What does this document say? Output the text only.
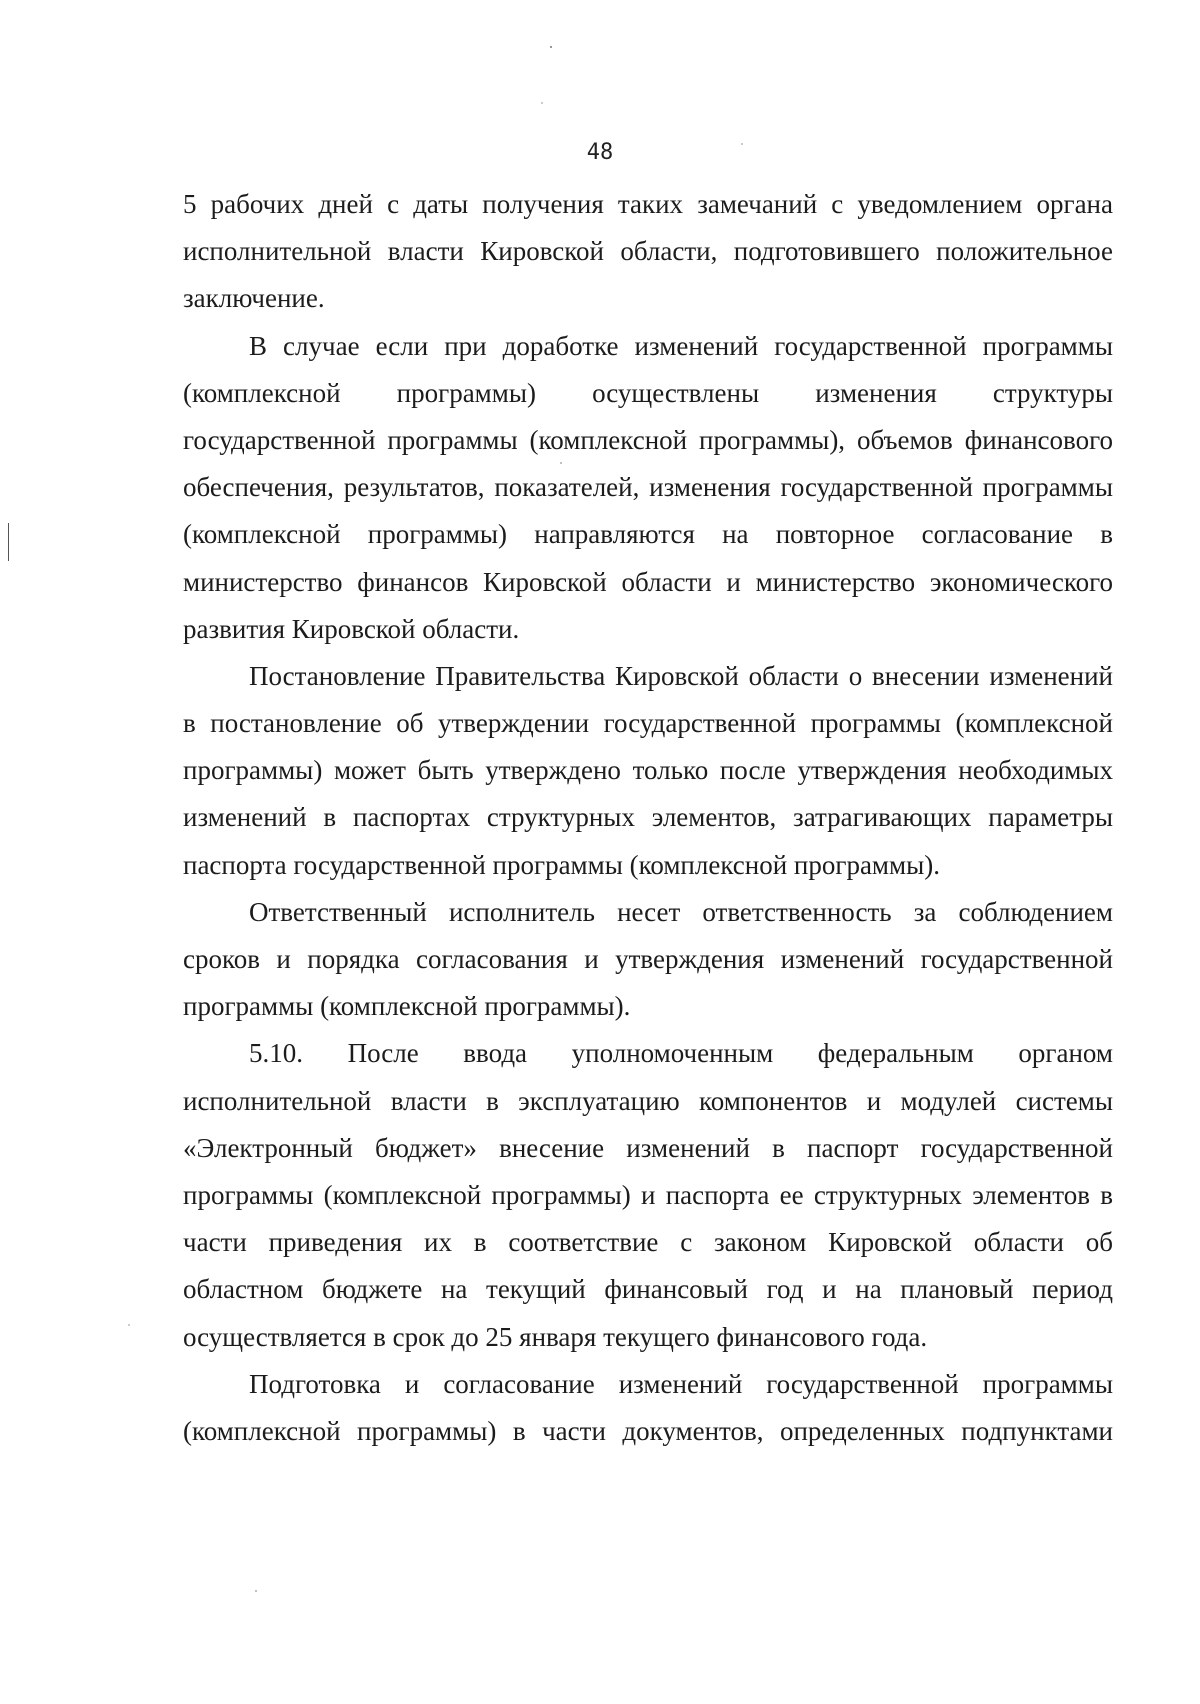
48
5 рабочих дней с даты получения таких замечаний с уведомлением органа
исполнительной власти Кировской области, подготовившего положительное
заключение.
В случае если при доработке изменений государственной программы
(комплексной программы) осуществлены изменения структуры
государственной программы (комплексной программы), объемов финансового
обеспечения, результатов, показателей, изменения государственной программы
(комплексной программы) направляются на повторное согласование в
министерство финансов Кировской области и министерство экономического
развития Кировской области.
Постановление Правительства Кировской области о внесении изменений
в постановление об утверждении государственной программы (комплексной
программы) может быть утверждено только после утверждения необходимых
изменений в паспортах структурных элементов, затрагивающих параметры
паспорта государственной программы (комплексной программы).
Ответственный исполнитель несет ответственность за соблюдением
сроков и порядка согласования и утверждения изменений государственной
программы (комплексной программы).
5.10. После ввода уполномоченным федеральным органом
исполнительной власти в эксплуатацию компонентов и модулей системы
«Электронный бюджет» внесение изменений в паспорт государственной
программы (комплексной программы) и паспорта ее структурных элементов в
части приведения их в соответствие с законом Кировской области об
областном бюджете на текущий финансовый год и на плановый период
осуществляется в срок до 25 января текущего финансового года.
Подготовка и согласование изменений государственной программы
(комплексной программы) в части документов, определенных подпунктами
